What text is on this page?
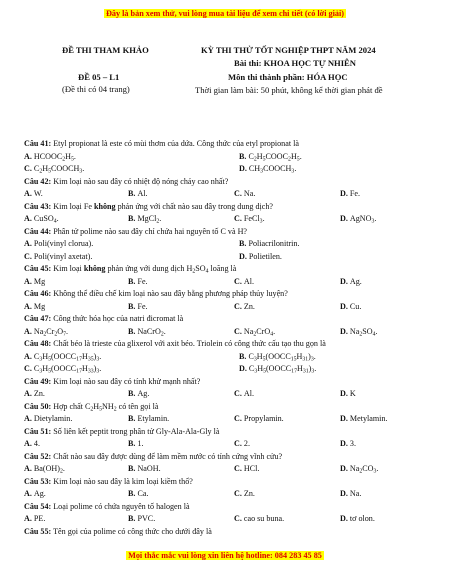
Đây là bản xem thử, vui lòng mua tài liệu để xem chi tiết (có lời giải)
ĐỀ THI THAM KHẢO
ĐỀ 05 – L1
(Đề thi có 04 trang)
KỲ THI THỬ TỐT NGHIỆP THPT NĂM 2024
Bài thi: KHOA HỌC TỰ NHIÊN
Môn thi thành phần: HÓA HỌC
Thời gian làm bài: 50 phút, không kể thời gian phát đề
Câu 41: Etyl propionat là este có mùi thơm của dứa. Công thức của etyl propionat là
A. $HCOOC_2H_5$.	B. $C_2H_5COOC_2H_5$.
C. $C_2H_5COOCH_3$.	D. $CH_3COOCH_3$.
Câu 42: Kim loại nào sau đây có nhiệt độ nóng chảy cao nhất?
A. W.	B. Al.	C. Na.	D. Fe.
Câu 43: Kim loại Fe không phản ứng với chất nào sau đây trong dung dịch?
A. CuSO$_4$.	B. MgCl$_2$.	C. FeCl$_3$.	D. AgNO$_3$.
Câu 44: Phân tử polime nào sau đây chỉ chứa hai nguyên tố C và H?
A. Poli(vinyl clorua).	B. Poliacrilonitrin.
C. Poli(vinyl axetat).	D. Polietilen.
Câu 45: Kim loại không phản ứng với dung dịch $H_2SO_4$ loãng là
A. Mg	B. Fe.	C. Al.	D. Ag.
Câu 46: Không thể điều chế kim loại nào sau đây bằng phương pháp thủy luyện?
A. Mg	B. Fe.	C. Zn.	D. Cu.
Câu 47: Công thức hóa học của natri đicromat là
A. $Na_2Cr_2O_7$.	B. NaCrO$_2$.	C. $Na_2CrO_4$.	D. $Na_2SO_4$.
Câu 48: Chất béo là trieste của glixerol với axit béo. Triolein có công thức cấu tạo thu gọn là
A. $C_3H_5(OOCC_{17}H_{35})_3$.	B. $C_3H_5(OOCC_{15}H_{31})_3$.
C. $C_3H_5(OOCC_{17}H_{33})_3$.	D. $C_3H_5(OOCC_{17}H_{31})_3$.
Câu 49: Kim loại nào sau đây có tính khử mạnh nhất?
A. Zn.	B. Ag.	C. Al.	D. K
Câu 50: Hợp chất $C_2H_5NH_2$ có tên gọi là
A. Dietylamin.	B. Etylamin.	C. Propylamin.	D. Metylamin.
Câu 51: Số liên kết peptit trong phân tử Gly-Ala-Ala-Gly là
A. 4.	B. 1.	C. 2.	D. 3.
Câu 52: Chất nào sau đây được dùng để làm mềm nước có tính cứng vĩnh cửu?
A. $Ba(OH)_2$.	B. NaOH.	C. HCl.	D. $Na_2CO_3$.
Câu 53: Kim loại nào sau đây là kim loại kiềm thổ?
A. Ag.	B. Ca.	C. Zn.	D. Na.
Câu 54: Loại polime có chứa nguyên tố halogen là
A. PE.	B. PVC.	C. cao su buna.	D. tơ olon.
Câu 55: Tên gọi của polime có công thức cho dưới đây là
Mọi thắc mắc vui lòng xin liên hệ hotline: 084 283 45 85
